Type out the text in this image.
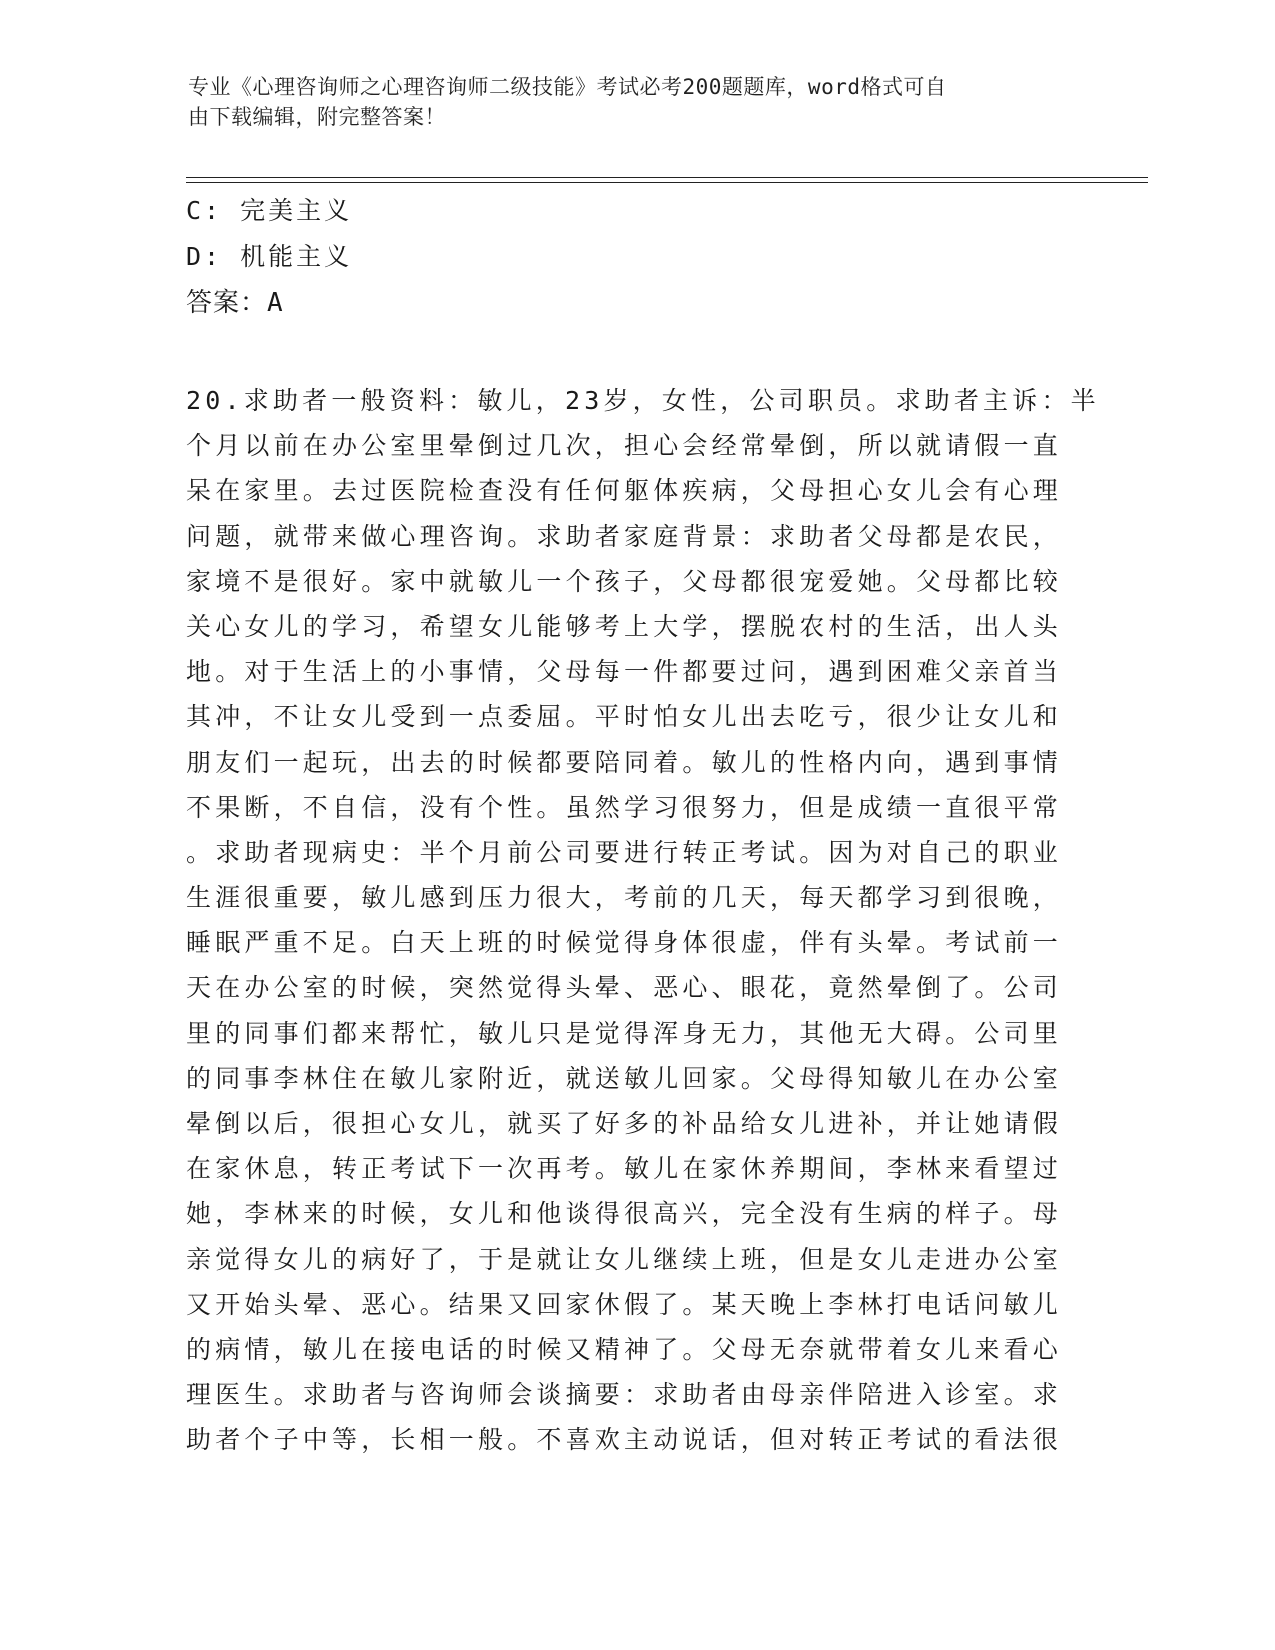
专业《心理咨询师之心理咨询师二级技能》考试必考200题题库，word格式可自
由下载编辑，附完整答案！
C: 完美主义
D: 机能主义
答案：A
20.求助者一般资料：敏儿，23岁，女性，公司职员。求助者主诉：半
个月以前在办公室里晕倒过几次，担心会经常晕倒，所以就请假一直
呆在家里。去过医院检查没有任何躯体疾病，父母担心女儿会有心理
问题，就带来做心理咨询。求助者家庭背景：求助者父母都是农民，
家境不是很好。家中就敏儿一个孩子，父母都很宠爱她。父母都比较
关心女儿的学习，希望女儿能够考上大学，摆脱农村的生活，出人头
地。对于生活上的小事情，父母每一件都要过问，遇到困难父亲首当
其冲，不让女儿受到一点委屈。平时怕女儿出去吃亏，很少让女儿和
朋友们一起玩，出去的时候都要陪同着。敏儿的性格内向，遇到事情
不果断，不自信，没有个性。虽然学习很努力，但是成绩一直很平常
。求助者现病史：半个月前公司要进行转正考试。因为对自己的职业
生涯很重要，敏儿感到压力很大，考前的几天，每天都学习到很晚，
睡眠严重不足。白天上班的时候觉得身体很虚，伴有头晕。考试前一
天在办公室的时候，突然觉得头晕、恶心、眼花，竟然晕倒了。公司
里的同事们都来帮忙，敏儿只是觉得浑身无力，其他无大碍。公司里
的同事李林住在敏儿家附近，就送敏儿回家。父母得知敏儿在办公室
晕倒以后，很担心女儿，就买了好多的补品给女儿进补，并让她请假
在家休息，转正考试下一次再考。敏儿在家休养期间，李林来看望过
她，李林来的时候，女儿和他谈得很高兴，完全没有生病的样子。母
亲觉得女儿的病好了，于是就让女儿继续上班，但是女儿走进办公室
又开始头晕、恶心。结果又回家休假了。某天晚上李林打电话问敏儿
的病情，敏儿在接电话的时候又精神了。父母无奈就带着女儿来看心
理医生。求助者与咨询师会谈摘要：求助者由母亲伴陪进入诊室。求
助者个子中等，长相一般。不喜欢主动说话，但对转正考试的看法很
